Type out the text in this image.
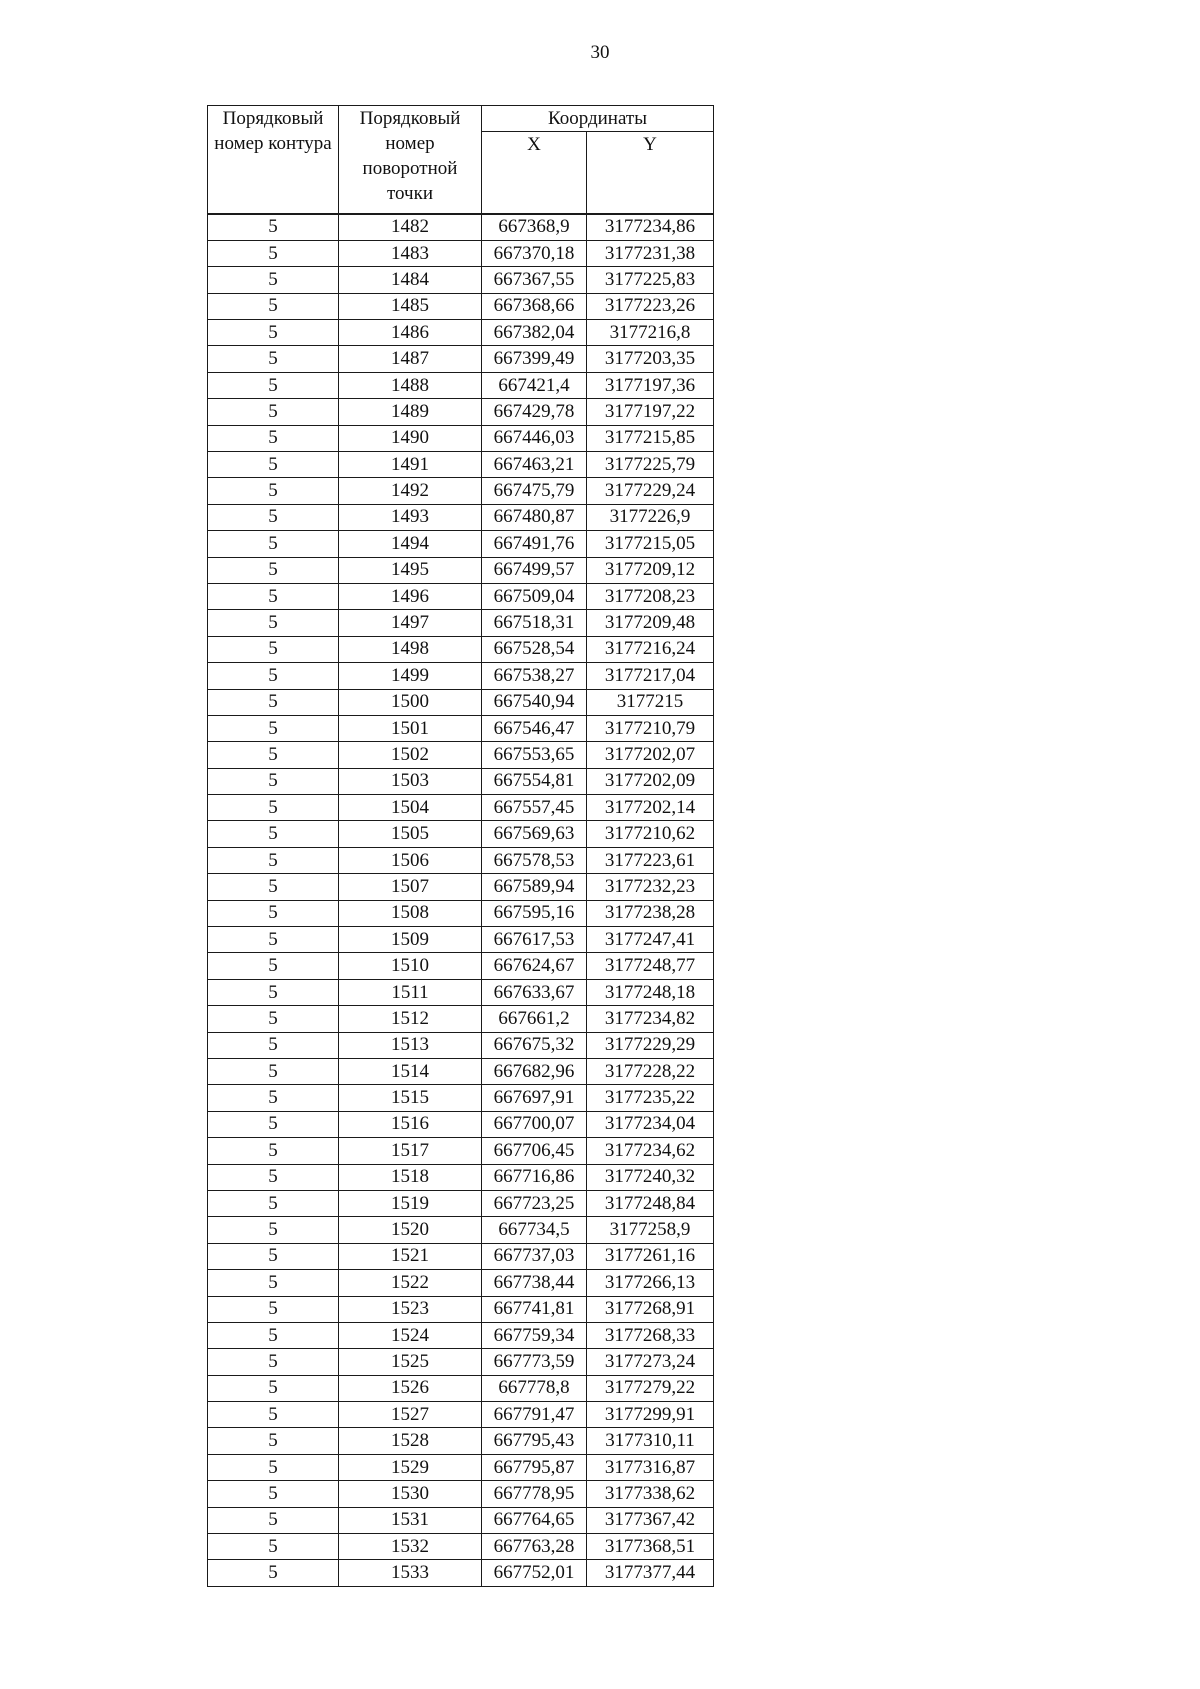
30
Порядковый номер контура	Порядковый номер поворотной точки	Координаты	
		X	Y
5	1482	667368,9	3177234,86
5	1483	667370,18	3177231,38
5	1484	667367,55	3177225,83
5	1485	667368,66	3177223,26
5	1486	667382,04	3177216,8
5	1487	667399,49	3177203,35
5	1488	667421,4	3177197,36
5	1489	667429,78	3177197,22
5	1490	667446,03	3177215,85
5	1491	667463,21	3177225,79
5	1492	667475,79	3177229,24
5	1493	667480,87	3177226,9
5	1494	667491,76	3177215,05
5	1495	667499,57	3177209,12
5	1496	667509,04	3177208,23
5	1497	667518,31	3177209,48
5	1498	667528,54	3177216,24
5	1499	667538,27	3177217,04
5	1500	667540,94	3177215
5	1501	667546,47	3177210,79
5	1502	667553,65	3177202,07
5	1503	667554,81	3177202,09
5	1504	667557,45	3177202,14
5	1505	667569,63	3177210,62
5	1506	667578,53	3177223,61
5	1507	667589,94	3177232,23
5	1508	667595,16	3177238,28
5	1509	667617,53	3177247,41
5	1510	667624,67	3177248,77
5	1511	667633,67	3177248,18
5	1512	667661,2	3177234,82
5	1513	667675,32	3177229,29
5	1514	667682,96	3177228,22
5	1515	667697,91	3177235,22
5	1516	667700,07	3177234,04
5	1517	667706,45	3177234,62
5	1518	667716,86	3177240,32
5	1519	667723,25	3177248,84
5	1520	667734,5	3177258,9
5	1521	667737,03	3177261,16
5	1522	667738,44	3177266,13
5	1523	667741,81	3177268,91
5	1524	667759,34	3177268,33
5	1525	667773,59	3177273,24
5	1526	667778,8	3177279,22
5	1527	667791,47	3177299,91
5	1528	667795,43	3177310,11
5	1529	667795,87	3177316,87
5	1530	667778,95	3177338,62
5	1531	667764,65	3177367,42
5	1532	667763,28	3177368,51
5	1533	667752,01	3177377,44
